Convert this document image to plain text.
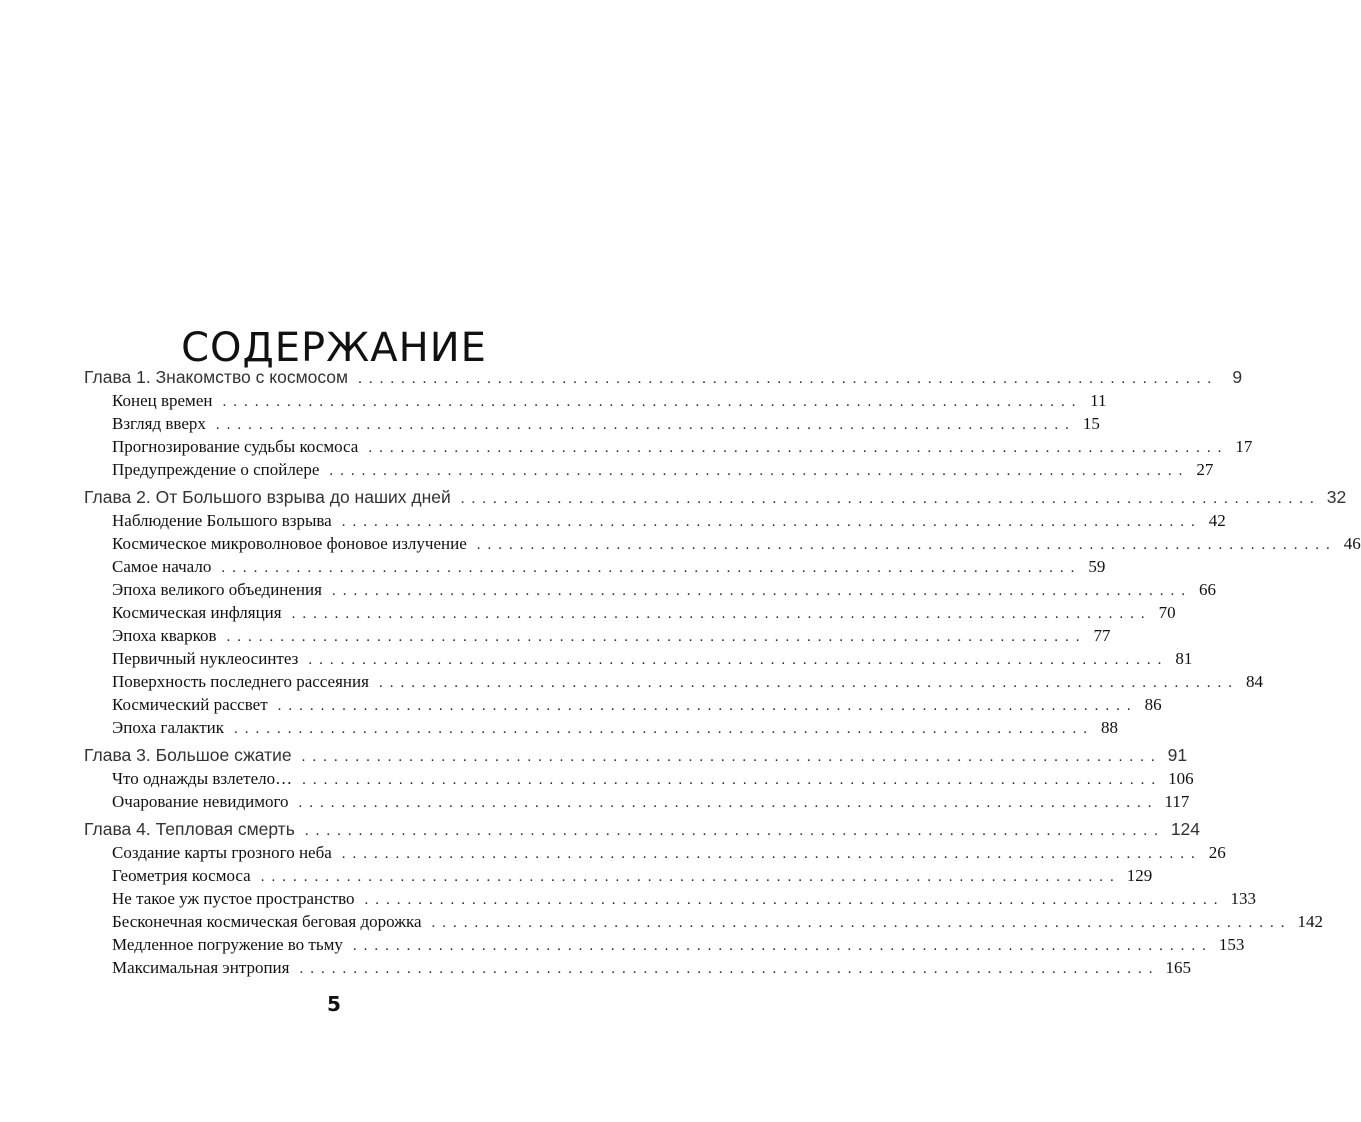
СОДЕРЖАНИЕ
Глава 1. Знакомство с космосом ................................................................................ 9
Конец времен ................................................................................ 11
Взгляд вверх ................................................................................ 15
Прогнозирование судьбы космоса ................................................................................ 17
Предупреждение о спойлере ................................................................................ 27
Глава 2. От Большого взрыва до наших дней ................................................................................ 32
Наблюдение Большого взрыва ................................................................................ 42
Космическое микроволновое фоновое излучение ................................................................................ 46
Самое начало ................................................................................ 59
Эпоха великого объединения ................................................................................ 66
Космическая инфляция ................................................................................ 70
Эпоха кварков ................................................................................ 77
Первичный нуклеосинтез ................................................................................ 81
Поверхность последнего рассеяния ................................................................................ 84
Космический рассвет ................................................................................ 86
Эпоха галактик ................................................................................ 88
Глава 3. Большое сжатие ................................................................................ 91
Что однажды взлетело… ................................................................................ 106
Очарование невидимого ................................................................................ 117
Глава 4. Тепловая смерть ................................................................................ 124
Создание карты грозного неба ................................................................................ 26
Геометрия космоса ................................................................................ 129
Не такое уж пустое пространство ................................................................................ 133
Бесконечная космическая беговая дорожка ................................................................................ 142
Медленное погружение во тьму ................................................................................ 153
Максимальная энтропия ................................................................................ 165
5
